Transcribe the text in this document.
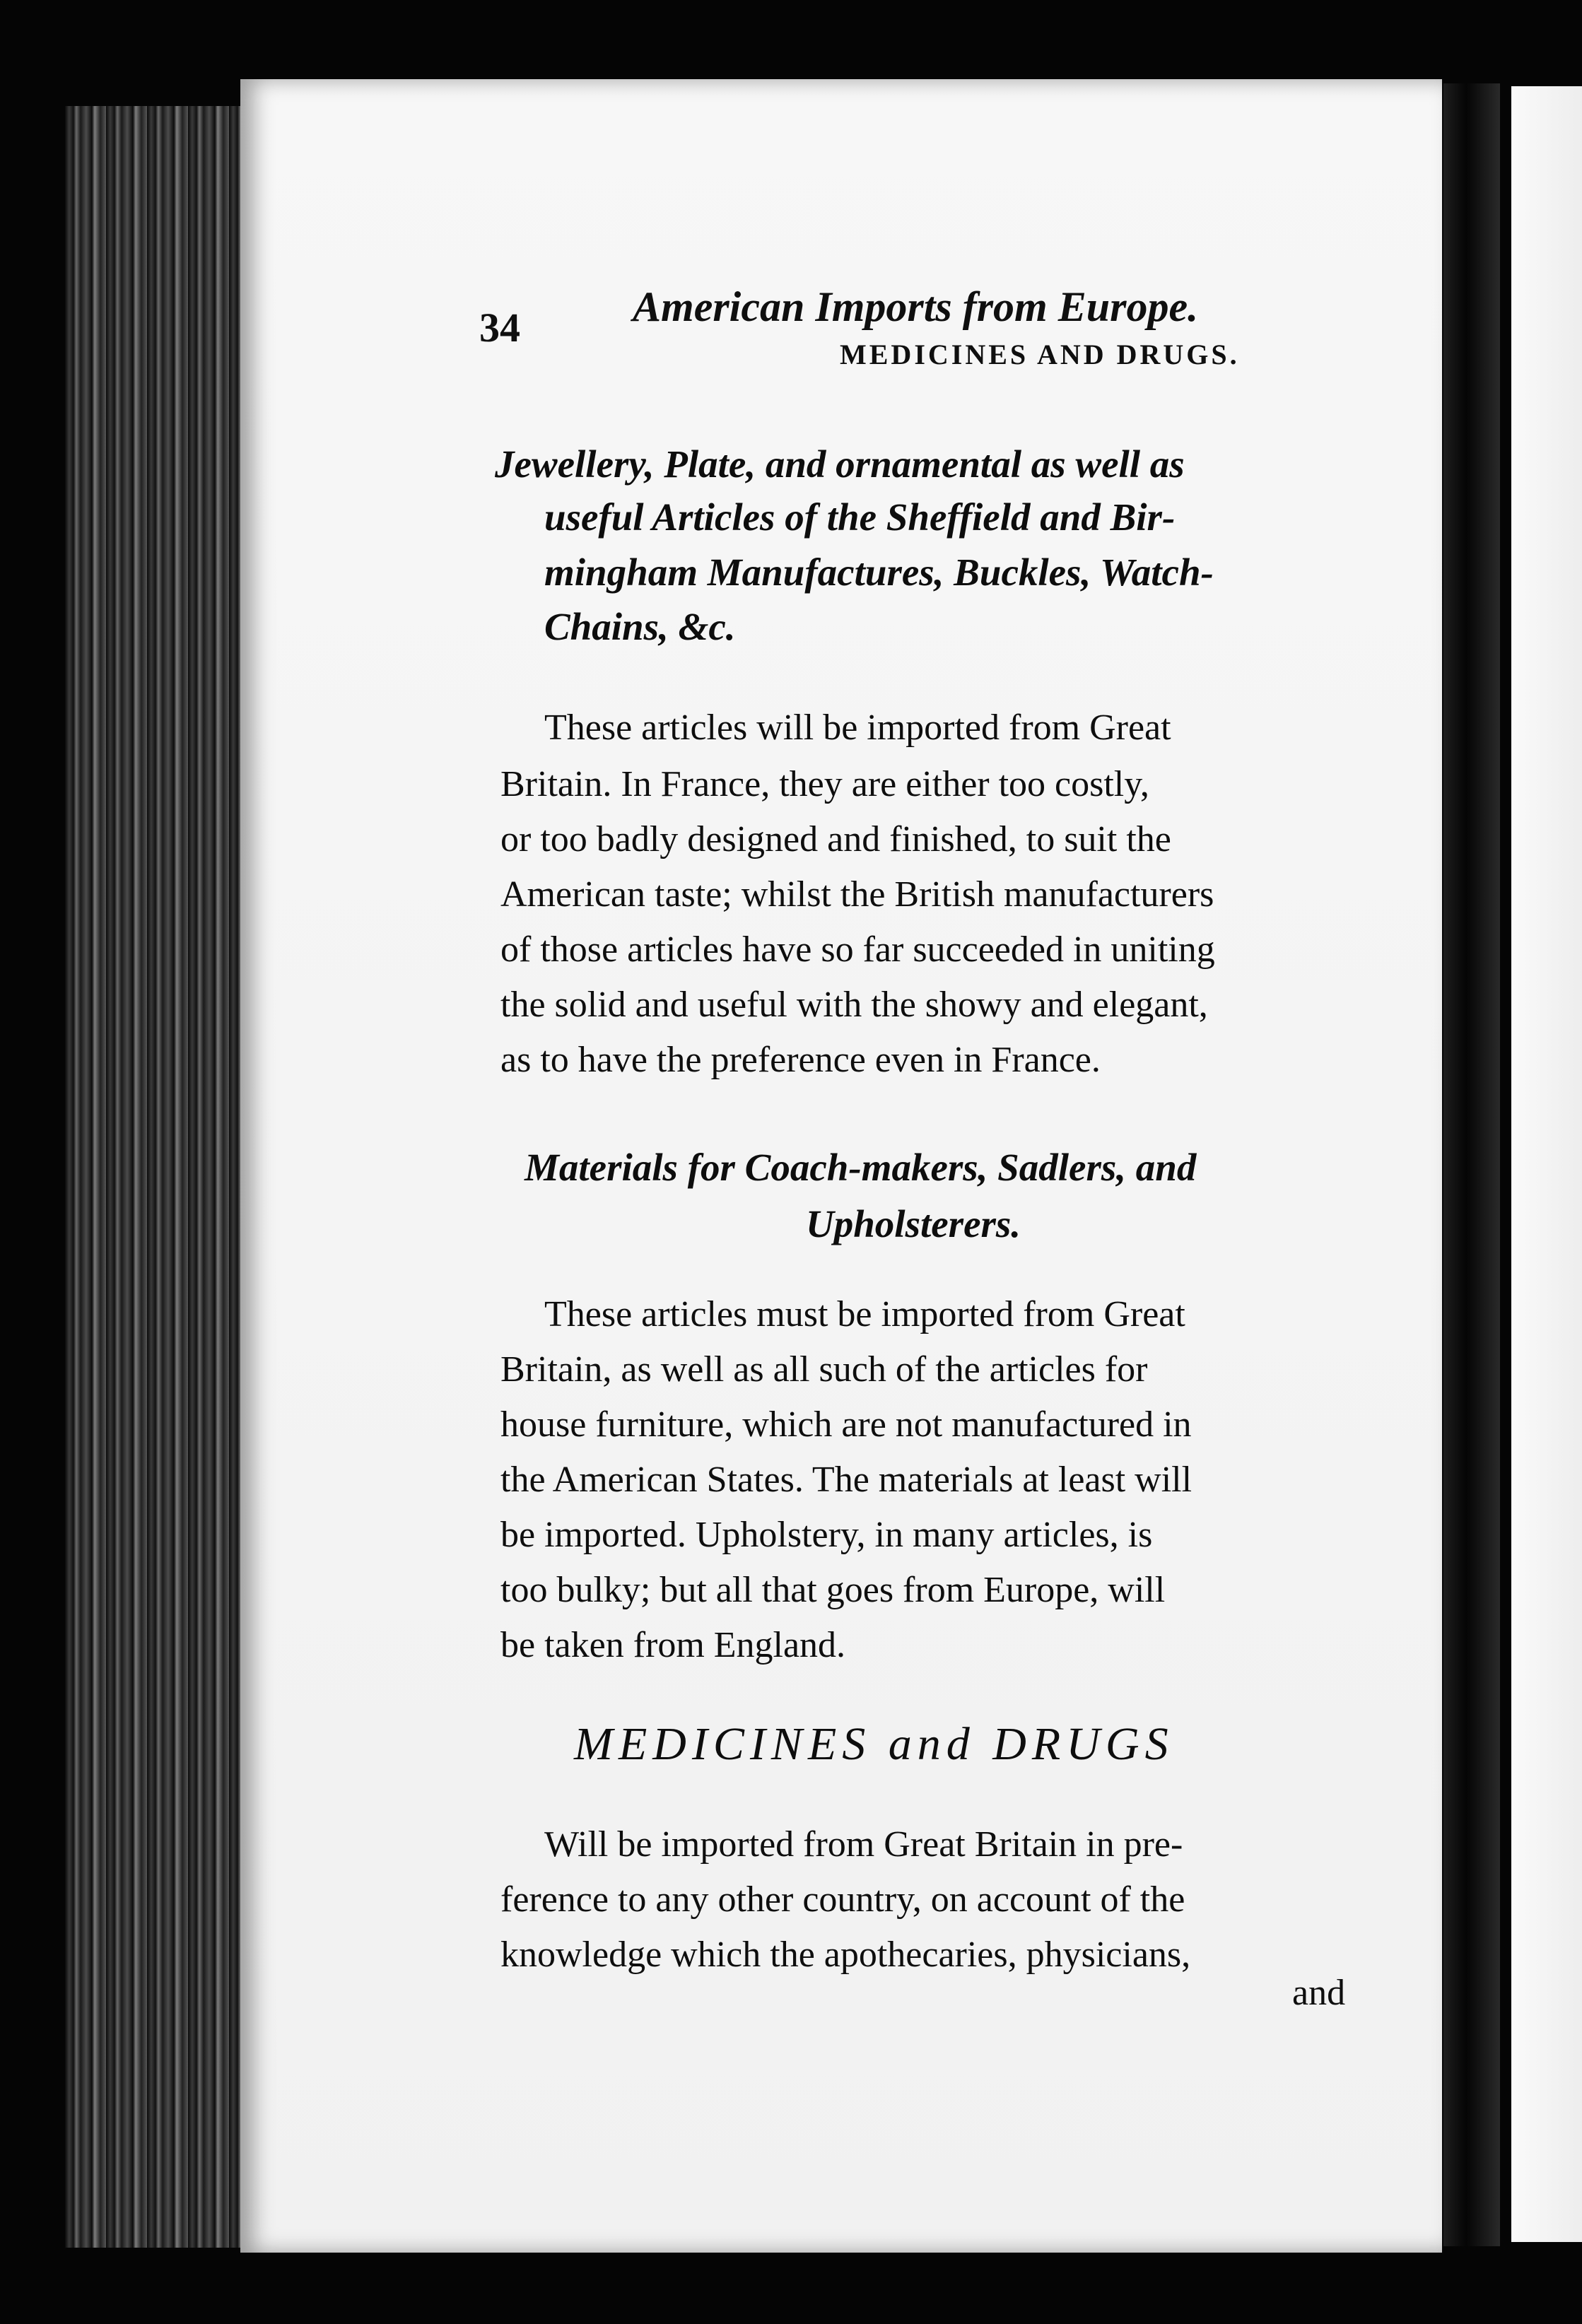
34	American Imports from Europe.
MEDICINES AND DRUGS.
Jewellery, Plate, and ornamental as well as
useful Articles of the Sheffield and Bir-
mingham Manufactures, Buckles, Watch-
Chains, &c.
These articles will be imported from Great
Britain. In France, they are either too costly,
or too badly designed and finished, to suit the
American taste; whilst the British manufacturers
of those articles have so far succeeded in uniting
the solid and useful with the showy and elegant,
as to have the preference even in France.
Materials for Coach-makers, Sadlers, and
Upholsterers.
These articles must be imported from Great
Britain, as well as all such of the articles for
house furniture, which are not manufactured in
the American States. The materials at least will
be imported. Upholstery, in many articles, is
too bulky; but all that goes from Europe, will
be taken from England.
MEDICINES and DRUGS
Will be imported from Great Britain in pre-
ference to any other country, on account of the
knowledge which the apothecaries, physicians,
and
